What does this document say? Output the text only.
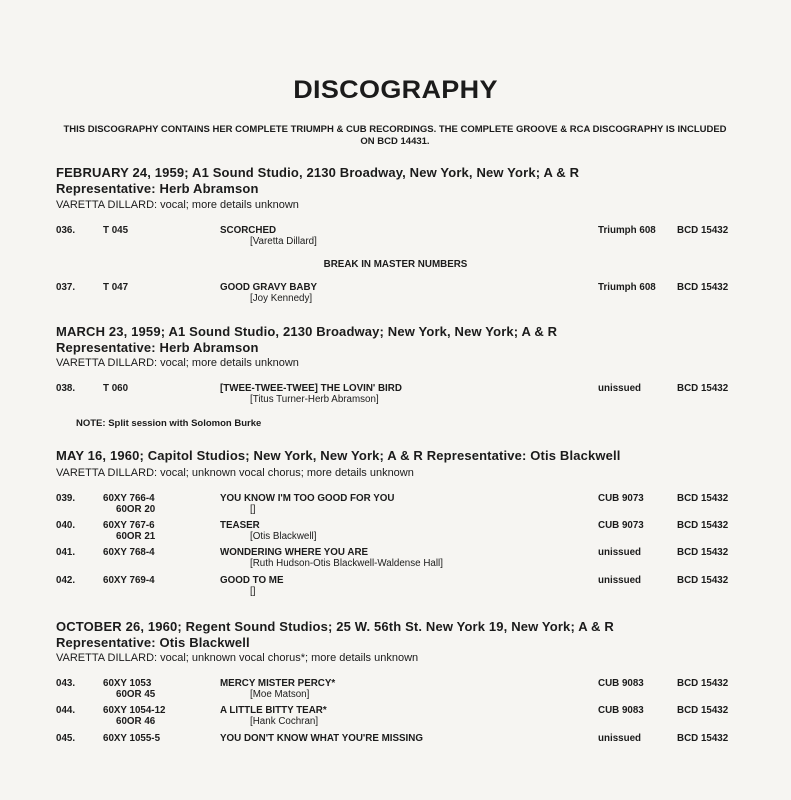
DISCOGRAPHY
THIS DISCOGRAPHY CONTAINS HER COMPLETE TRIUMPH & CUB RECORDINGS. THE COMPLETE GROOVE & RCA DISCOGRAPHY IS INCLUDED ON BCD 14431.
FEBRUARY 24, 1959; A1 Sound Studio, 2130 Broadway, New York, New York; A & R
Representative: Herb Abramson
VARETTA DILLARD: vocal; more details unknown
036.	T 045	SCORCHED
[Varetta Dillard]
Triumph 608 BCD 15432
BREAK IN MASTER NUMBERS
037.	T 047	GOOD GRAVY BABY
[Joy Kennedy]
Triumph 608 BCD 15432
MARCH 23, 1959; A1 Sound Studio, 2130 Broadway; New York, New York; A & R
Representative: Herb Abramson
VARETTA DILLARD: vocal; more details unknown
038.	T 060	[TWEE-TWEE-TWEE] THE LOVIN' BIRD
[Titus Turner-Herb Abramson]
unissued	BCD 15432
NOTE: Split session with Solomon Burke
MAY 16, 1960; Capitol Studios; New York, New York; A & R Representative: Otis Blackwell
VARETTA DILLARD: vocal; unknown vocal chorus; more details unknown
039.	60XY 766-4
60OR 20
YOU KNOW I'M TOO GOOD FOR YOU
[]
CUB 9073	BCD 15432
040.	60XY 767-6
60OR 21
TEASER
[Otis Blackwell]
CUB 9073	BCD 15432
041.	60XY 768-4	WONDERING WHERE YOU ARE
[Ruth Hudson-Otis Blackwell-Waldense Hall]
unissued	BCD 15432
042.	60XY 769-4	GOOD TO ME
[]
unissued	BCD 15432
OCTOBER 26, 1960; Regent Sound Studios; 25 W. 56th St. New York 19, New York; A & R
Representative: Otis Blackwell
VARETTA DILLARD: vocal; unknown vocal chorus*; more details unknown
043.	60XY 1053
60OR 45
MERCY MISTER PERCY*
[Moe Matson]
CUB 9083	BCD 15432
044.	60XY 1054-12
60OR 46
A LITTLE BITTY TEAR*
[Hank Cochran]
CUB 9083	BCD 15432
045.	60XY 1055-5	YOU DON'T KNOW WHAT YOU'RE MISSING	unissued	BCD 15432
